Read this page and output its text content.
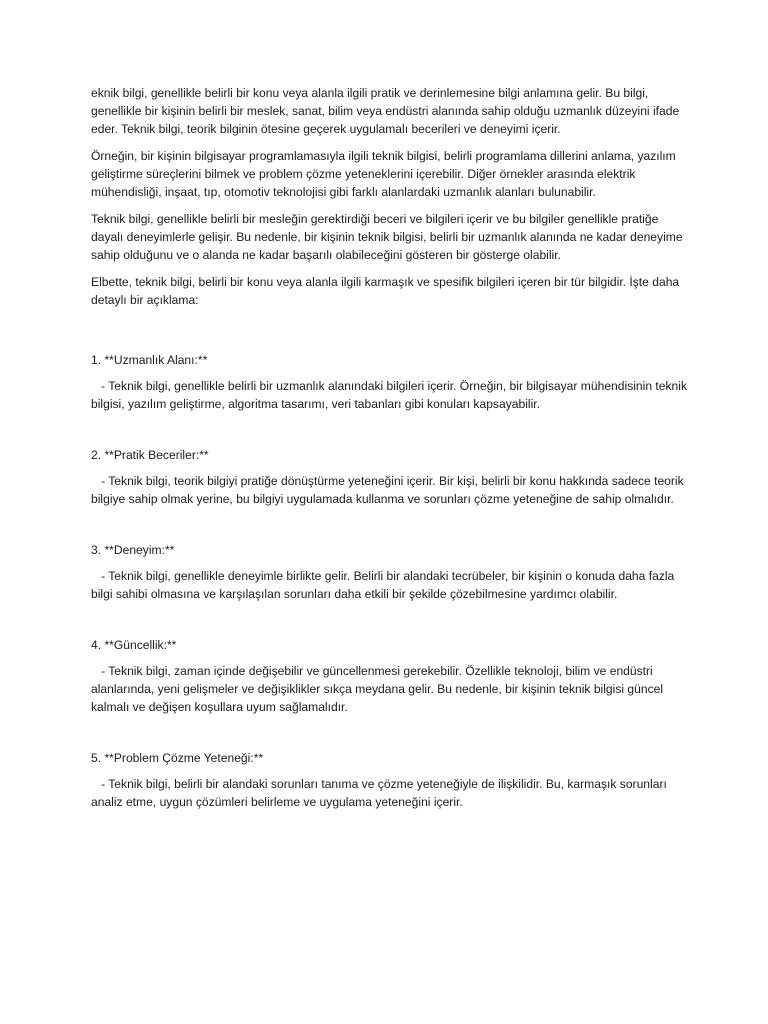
eknik bilgi, genellikle belirli bir konu veya alanla ilgili pratik ve derinlemesine bilgi anlamına gelir. Bu bilgi, genellikle bir kişinin belirli bir meslek, sanat, bilim veya endüstri alanında sahip olduğu uzmanlık düzeyini ifade eder. Teknik bilgi, teorik bilginin ötesine geçerek uygulamalı becerileri ve deneyimi içerir.

Örneğin, bir kişinin bilgisayar programlamasıyla ilgili teknik bilgisi, belirli programlama dillerini anlama, yazılım geliştirme süreçlerini bilmek ve problem çözme yeteneklerini içerebilir. Diğer örnekler arasında elektrik mühendisliği, inşaat, tıp, otomotiv teknolojisi gibi farklı alanlardaki uzmanlık alanları bulunabilir.

Teknik bilgi, genellikle belirli bir mesleğin gerektirdiği beceri ve bilgileri içerir ve bu bilgiler genellikle pratiğe dayalı deneyimlerle gelişir. Bu nedenle, bir kişinin teknik bilgisi, belirli bir uzmanlık alanında ne kadar deneyime sahip olduğunu ve o alanda ne kadar başarılı olabileceğini gösteren bir gösterge olabilir.

Elbette, teknik bilgi, belirli bir konu veya alanla ilgili karmaşık ve spesifik bilgileri içeren bir tür bilgidir. İşte daha detaylı bir açıklama:

1. **Uzmanlık Alanı:**

- Teknik bilgi, genellikle belirli bir uzmanlık alanındaki bilgileri içerir. Örneğin, bir bilgisayar mühendisinin teknik bilgisi, yazılım geliştirme, algoritma tasarımı, veri tabanları gibi konuları kapsayabilir.

2. **Pratik Beceriler:**

- Teknik bilgi, teorik bilgiyi pratiğe dönüştürme yeteneğini içerir. Bir kişi, belirli bir konu hakkında sadece teorik bilgiye sahip olmak yerine, bu bilgiyi uygulamada kullanma ve sorunları çözme yeteneğine de sahip olmalıdır.

3. **Deneyim:**

- Teknik bilgi, genellikle deneyimle birlikte gelir. Belirli bir alandaki tecrübeler, bir kişinin o konuda daha fazla bilgi sahibi olmasına ve karşılaşılan sorunları daha etkili bir şekilde çözebilmesine yardımcı olabilir.

4. **Güncellik:**

- Teknik bilgi, zaman içinde değişebilir ve güncellenmesi gerekebilir. Özellikle teknoloji, bilim ve endüstri alanlarında, yeni gelişmeler ve değişiklikler sıkça meydana gelir. Bu nedenle, bir kişinin teknik bilgisi güncel kalmalı ve değişen koşullara uyum sağlamalıdır.

5. **Problem Çözme Yeteneği:**

- Teknik bilgi, belirli bir alandaki sorunları tanıma ve çözme yeteneğiyle de ilişkilidir. Bu, karmaşık sorunları analiz etme, uygun çözümleri belirleme ve uygulama yeteneğini içerir.
